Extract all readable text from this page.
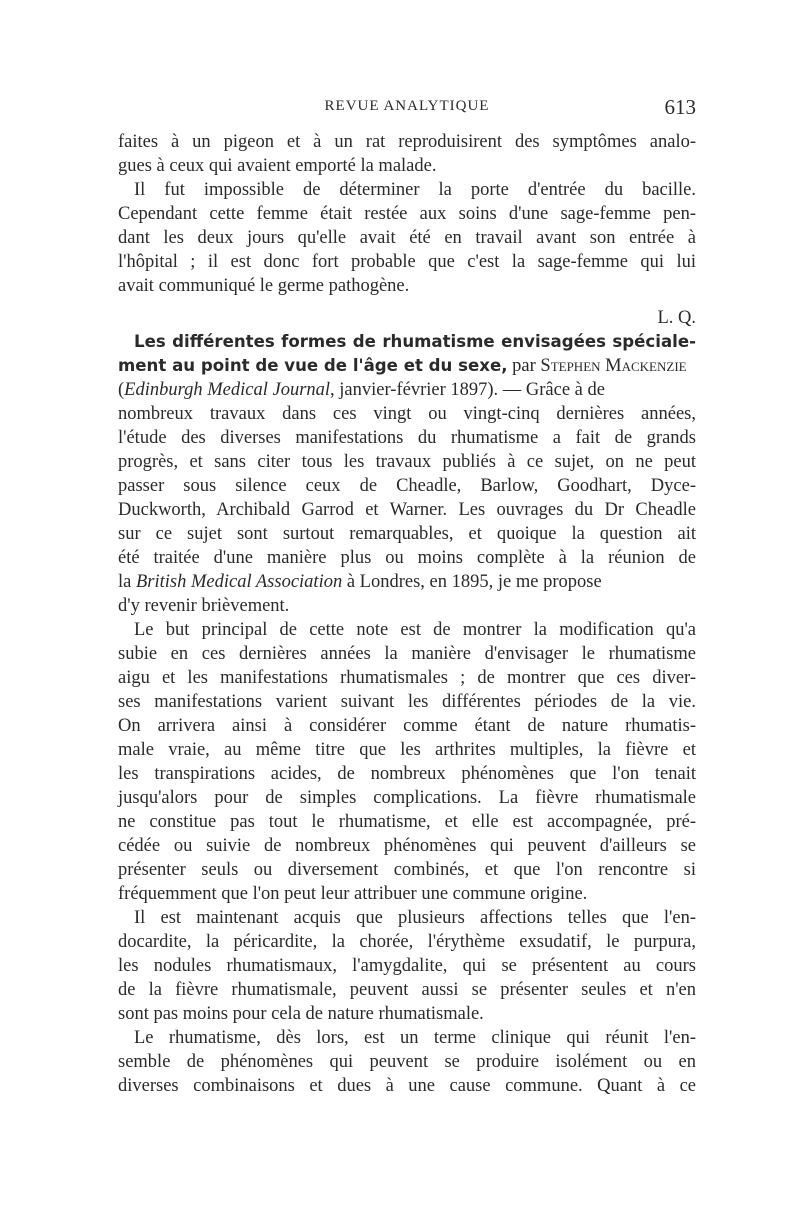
REVUE ANALYTIQUE	613
faites à un pigeon et à un rat reproduisirent des symptômes analo-
gues à ceux qui avaient emporté la malade.
Il fut impossible de déterminer la porte d'entrée du bacille.
Cependant cette femme était restée aux soins d'une sage-femme pen-
dant les deux jours qu'elle avait été en travail avant son entrée à
l'hôpital ; il est donc fort probable que c'est la sage-femme qui lui
avait communiqué le germe pathogène.
L. Q.
Les différentes formes de rhumatisme envisagées spéciale-
ment au point de vue de l'âge et du sexe, par Stephen Mackenzie
(Edinburgh Medical Journal, janvier-février 1897). — Grâce à de
nombreux travaux dans ces vingt ou vingt-cinq dernières années,
l'étude des diverses manifestations du rhumatisme a fait de grands
progrès, et sans citer tous les travaux publiés à ce sujet, on ne peut
passer sous silence ceux de Cheadle, Barlow, Goodhart, Dyce-
Duckworth, Archibald Garrod et Warner. Les ouvrages du Dr Cheadle
sur ce sujet sont surtout remarquables, et quoique la question ait
été traitée d'une manière plus ou moins complète à la réunion de
la British Medical Association à Londres, en 1895, je me propose
d'y revenir brièvement.
Le but principal de cette note est de montrer la modification qu'a
subie en ces dernières années la manière d'envisager le rhumatisme
aigu et les manifestations rhumatismales ; de montrer que ces diver-
ses manifestations varient suivant les différentes périodes de la vie.
On arrivera ainsi à considérer comme étant de nature rhumatis-
male vraie, au même titre que les arthrites multiples, la fièvre et
les transpirations acides, de nombreux phénomènes que l'on tenait
jusqu'alors pour de simples complications. La fièvre rhumatismale
ne constitue pas tout le rhumatisme, et elle est accompagnée, pré-
cédée ou suivie de nombreux phénomènes qui peuvent d'ailleurs se
présenter seuls ou diversement combinés, et que l'on rencontre si
fréquemment que l'on peut leur attribuer une commune origine.
Il est maintenant acquis que plusieurs affections telles que l'en-
docardite, la péricardite, la chorée, l'érythème exsudatif, le purpura,
les nodules rhumatismaux, l'amygdalite, qui se présentent au cours
de la fièvre rhumatismale, peuvent aussi se présenter seules et n'en
sont pas moins pour cela de nature rhumatismale.
Le rhumatisme, dès lors, est un terme clinique qui réunit l'en-
semble de phénomènes qui peuvent se produire isolément ou en
diverses combinaisons et dues à une cause commune. Quant à ce
